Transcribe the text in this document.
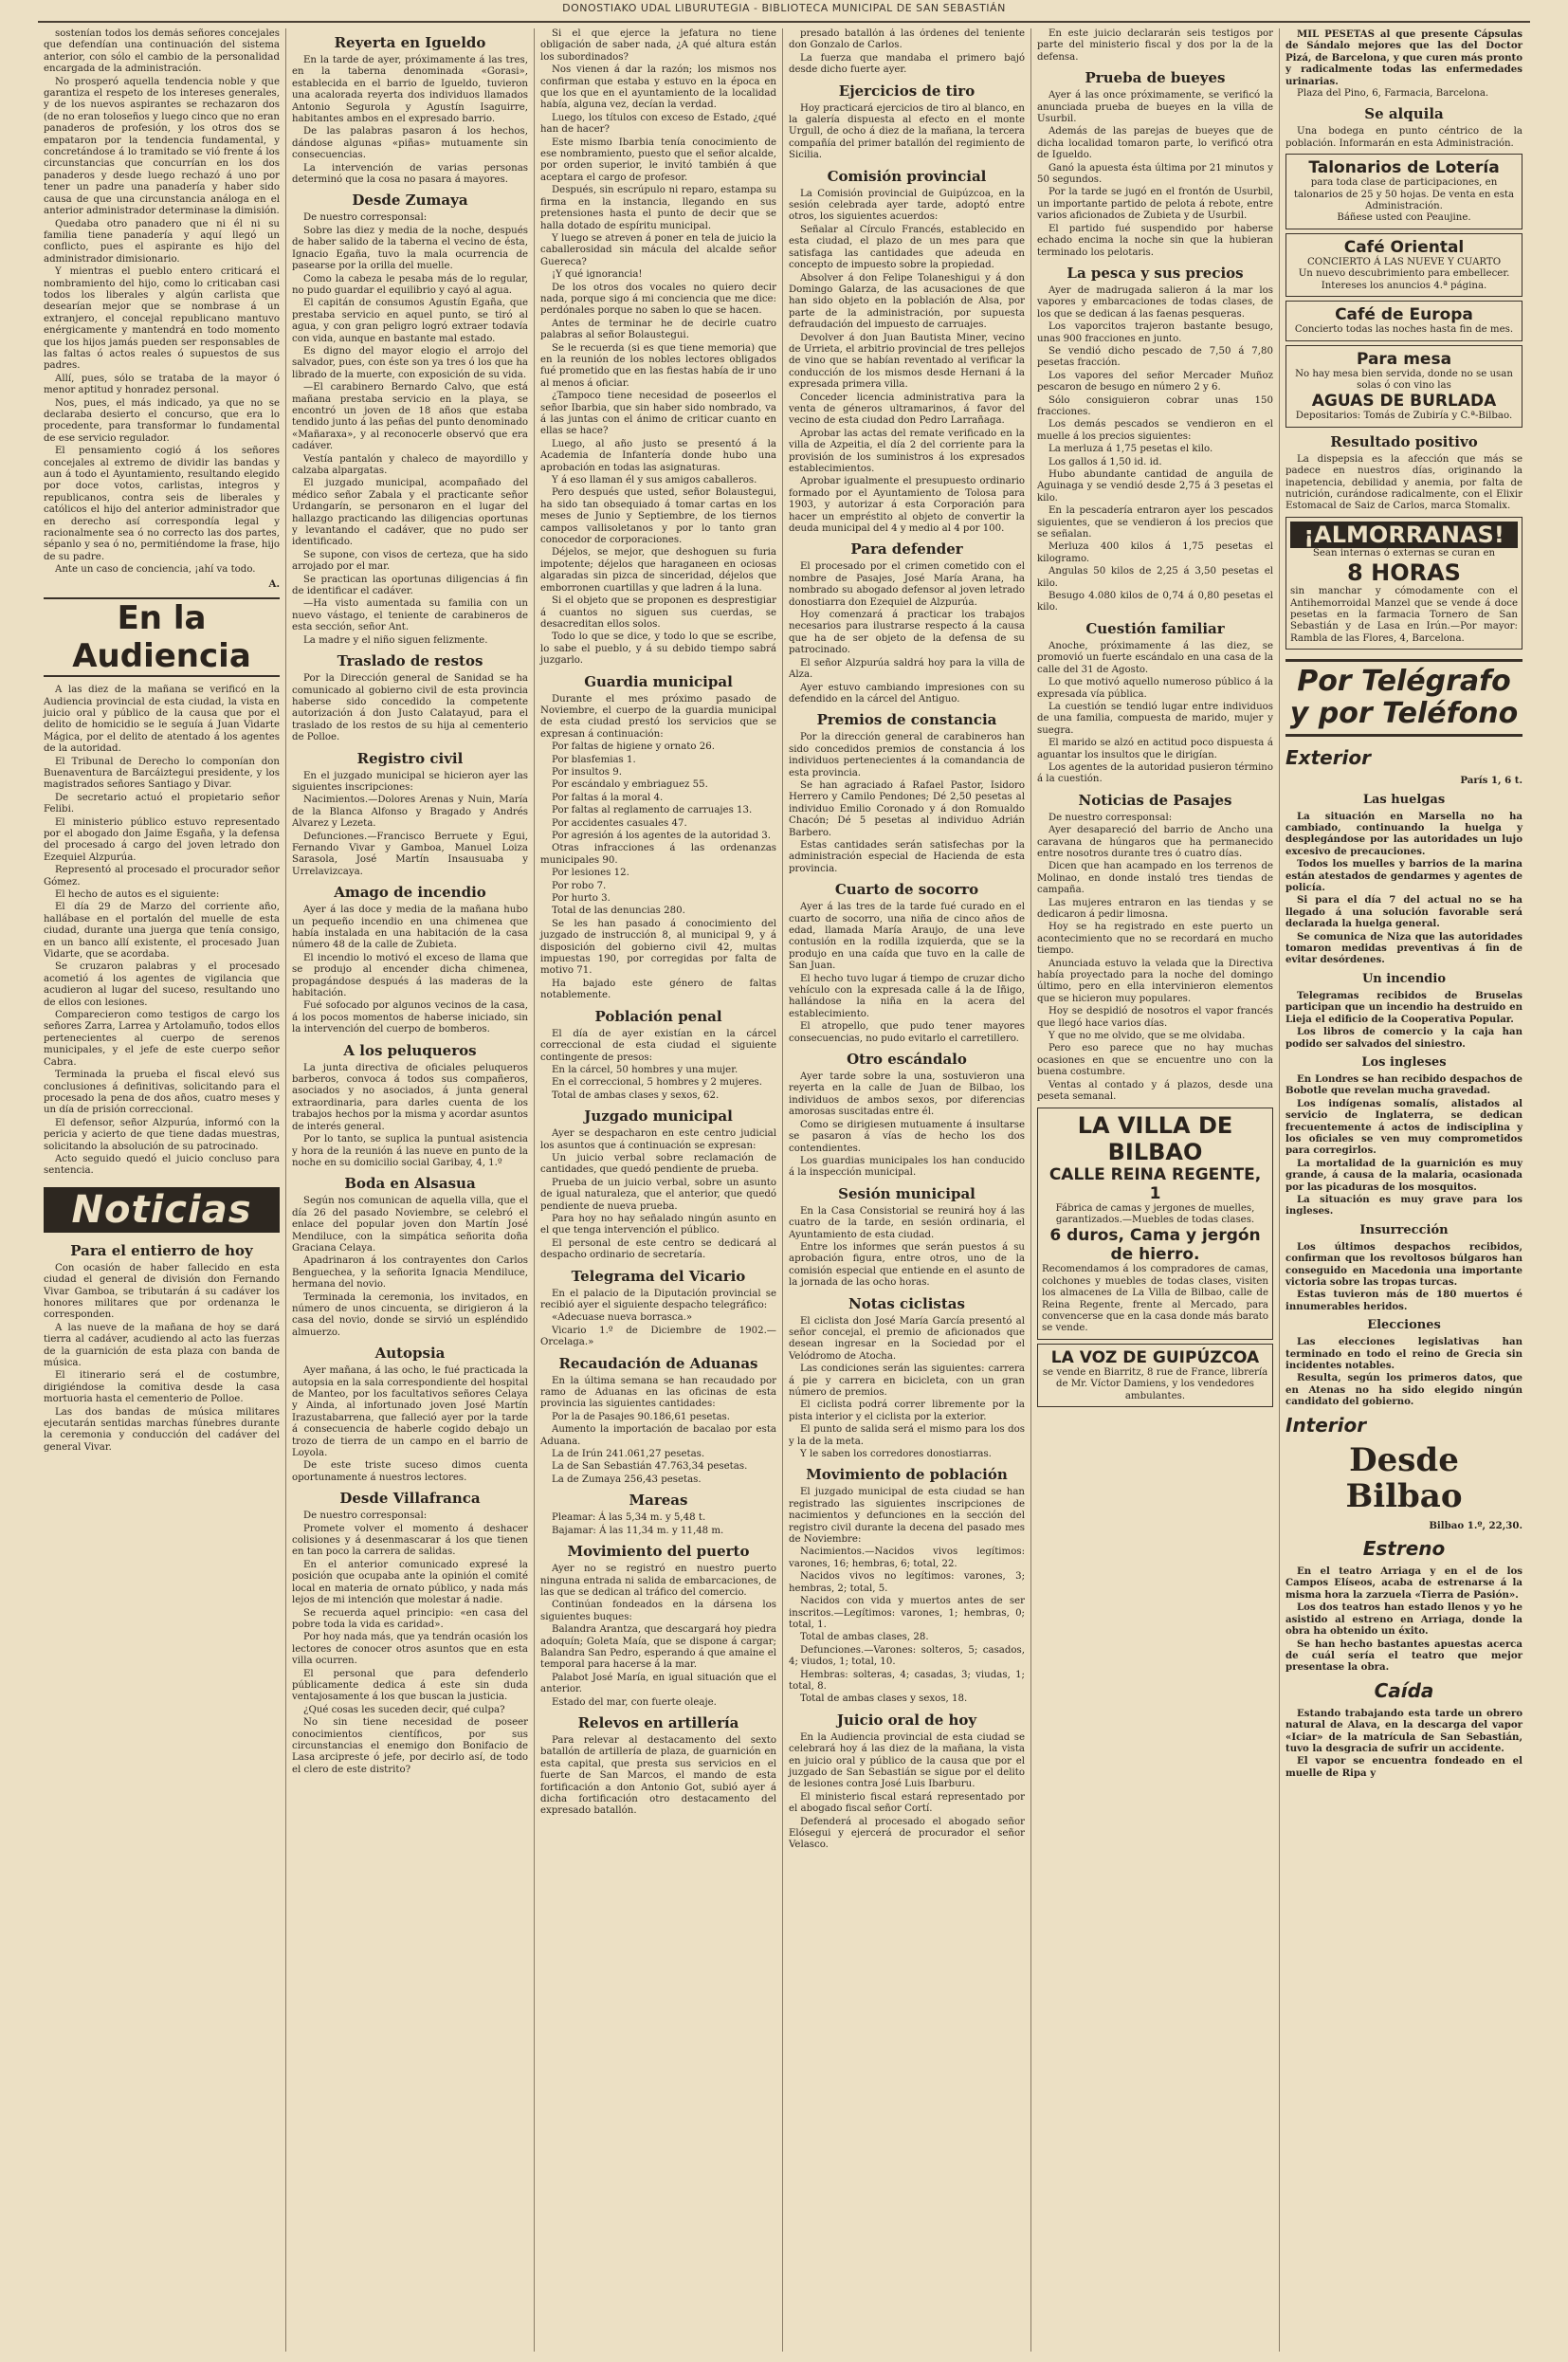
DONOSTIAKO UDAL LIBURUTEGIA - BIBLIOTECA MUNICIPAL DE SAN SEBASTIÁN

sostenían todos los demás señores concejales que defendían una continuación del sistema anterior, con sólo el cambio de la personalidad encargada de la administración.

No prosperó aquella tendencia noble y que garantiza el respeto de los intereses generales, y de los nuevos aspirantes se rechazaron dos (de no eran toloseños y luego cinco que no eran panaderos de profesión, y los otros dos se empataron por la tendencia fundamental, y concretándose á lo tramitado se vió frente á los circunstancias que concurrían en los dos panaderos y desde luego rechazó á uno por tener un padre una panadería y haber sido causa de que una circunstancia análoga en el anterior administrador determinase la dimisión.

Quedaba otro panadero que ni él ni su familia tiene panadería y aquí llegó un conflicto, pues el aspirante es hijo del administrador dimisionario.

Y mientras el pueblo entero criticará el nombramiento del hijo, como lo criticaban casi todos los liberales y algún carlista que desearían mejor que se nombrase á un extranjero, el concejal republicano mantuvo enérgicamente y mantendrá en todo momento que los hijos jamás pueden ser responsables de las faltas ó actos reales ó supuestos de sus padres.

Allí, pues, sólo se trataba de la mayor ó menor aptitud y honradez personal.

Nos, pues, el más indicado, ya que no se declaraba desierto el concurso, que era lo procedente, para transformar lo fundamental de ese servicio regulador.

El pensamiento cogió á los señores concejales al extremo de dividir las bandas y aun á todo el Ayuntamiento, resultando elegido por doce votos, carlistas, integros y republicanos, contra seis de liberales y católicos el hijo del anterior administrador que en derecho así correspondía legal y racionalmente sea ó no correcto las dos partes, sépanlo y sea ó no, permitiéndome la frase, hijo de su padre.

Ante un caso de conciencia, ¡ahí va todo.

A.
En la Audiencia

A las diez de la mañana se verificó en la Audiencia provincial de esta ciudad, la vista en juicio oral y público de la causa que por el delito de homicidio se le seguía á Juan Vidarte Mágica, por el delito de atentado á los agentes de la autoridad.

El Tribunal de Derecho lo componían don Buenaventura de Barcáiztegui presidente, y los magistrados señores Santiago y Divar.

De secretario actuó el propietario señor Felibi.

El ministerio público estuvo representado por el abogado don Jaime Esgaña, y la defensa del procesado á cargo del joven letrado don Ezequiel Alzpurúa.

Representó al procesado el procurador señor Gómez.

El hecho de autos es el siguiente:

El día 29 de Marzo del corriente año, hallábase en el portalón del muelle de esta ciudad, durante una juerga que tenía consigo, en un banco allí existente, el procesado Juan Vidarte, que se acordaba.

Se cruzaron palabras y el procesado acometió á los agentes de vigilancia que acudieron al lugar del suceso, resultando uno de ellos con lesiones.

Comparecieron como testigos de cargo los señores Zarra, Larrea y Artolamuño, todos ellos pertenecientes al cuerpo de serenos municipales, y el jefe de este cuerpo señor Cabra.

Terminada la prueba el fiscal elevó sus conclusiones á definitivas, solicitando para el procesado la pena de dos años, cuatro meses y un día de prisión correccional.

El defensor, señor Alzpurúa, informó con la pericia y acierto de que tiene dadas muestras, solicitando la absolución de su patrocinado.

Acto seguido quedó el juicio concluso para sentencia.

Noticias
Para el entierro de hoy

Con ocasión de haber fallecido en esta ciudad el general de división don Fernando Vivar Gamboa, se tributarán á su cadáver los honores militares que por ordenanza le corresponden.

A las nueve de la mañana de hoy se dará tierra al cadáver, acudiendo al acto las fuerzas de la guarnición de esta plaza con banda de música.

El itinerario será el de costumbre, dirigiéndose la comitiva desde la casa mortuoria hasta el cementerio de Polloe.

Las dos bandas de música militares ejecutarán sentidas marchas fúnebres durante la ceremonia y conducción del cadáver del general Vivar.

Reyerta en Igueldo

En la tarde de ayer, próximamente á las tres, en la taberna denominada «Gorasi», establecida en el barrio de Igueldo, tuvieron una acalorada reyerta dos individuos llamados Antonio Segurola y Agustín Isaguirre, habitantes ambos en el expresado barrio.

De las palabras pasaron á los hechos, dándose algunas «piñas» mutuamente sin consecuencias.

La intervención de varias personas determinó que la cosa no pasara á mayores.

Desde Zumaya

De nuestro corresponsal:

Sobre las diez y media de la noche, después de haber salido de la taberna el vecino de ésta, Ignacio Egaña, tuvo la mala ocurrencia de pasearse por la orilla del muelle.

Como la cabeza le pesaba más de lo regular, no pudo guardar el equilibrio y cayó al agua.

El capitán de consumos Agustín Egaña, que prestaba servicio en aquel punto, se tiró al agua, y con gran peligro logró extraer todavía con vida, aunque en bastante mal estado.

Es digno del mayor elogio el arrojo del salvador, pues, con éste son ya tres ó los que ha librado de la muerte, con exposición de su vida.

—El carabinero Bernardo Calvo, que está mañana prestaba servicio en la playa, se encontró un joven de 18 años que estaba tendido junto á las peñas del punto denominado «Mañaraxa», y al reconocerle observó que era cadáver.

Vestía pantalón y chaleco de mayordillo y calzaba alpargatas.

El juzgado municipal, acompañado del médico señor Zabala y el practicante señor Urdangarín, se personaron en el lugar del hallazgo practicando las diligencias oportunas y levantando el cadáver, que no pudo ser identificado.

Se supone, con visos de certeza, que ha sido arrojado por el mar.

Se practican las oportunas diligencias á fin de identificar el cadáver.

—Ha visto aumentada su familia con un nuevo vástago, el teniente de carabineros de esta sección, señor Ant.

La madre y el niño siguen felizmente.

Traslado de restos

Por la Dirección general de Sanidad se ha comunicado al gobierno civil de esta provincia haberse sido concedido la competente autorización á don Justo Calatayud, para el traslado de los restos de su hija al cementerio de Polloe.

Registro civil

En el juzgado municipal se hicieron ayer las siguientes inscripciones:

Nacimientos.—Dolores Arenas y Nuin, María de la Blanca Alfonso y Bragado y Andrés Alvarez y Lezeta.

Defunciones.—Francisco Berruete y Egui, Fernando Vivar y Gamboa, Manuel Loiza Sarasola, José Martín Insausuaba y Urrelavizcaya.

Amago de incendio

Ayer á las doce y media de la mañana hubo un pequeño incendio en una chimenea que había instalada en una habitación de la casa número 48 de la calle de Zubieta.

El incendio lo motivó el exceso de llama que se produjo al encender dicha chimenea, propagándose después á las maderas de la habitación.

Fué sofocado por algunos vecinos de la casa, á los pocos momentos de haberse iniciado, sin la intervención del cuerpo de bomberos.

A los peluqueros

La junta directiva de oficiales peluqueros barberos, convoca á todos sus compañeros, asociados y no asociados, á junta general extraordinaria, para darles cuenta de los trabajos hechos por la misma y acordar asuntos de interés general.

Por lo tanto, se suplica la puntual asistencia y hora de la reunión á las nueve en punto de la noche en su domicilio social Garibay, 4, 1.º

Boda en Alsasua

Según nos comunican de aquella villa, que el día 26 del pasado Noviembre, se celebró el enlace del popular joven don Martín José Mendiluce, con la simpática señorita doña Graciana Celaya.

Apadrinaron á los contrayentes don Carlos Benguechea, y la señorita Ignacia Mendiluce, hermana del novio.

Terminada la ceremonia, los invitados, en número de unos cincuenta, se dirigieron á la casa del novio, donde se sirvió un espléndido almuerzo.

Autopsia

Ayer mañana, á las ocho, le fué practicada la autopsia en la sala correspondiente del hospital de Manteo, por los facultativos señores Celaya y Ainda, al infortunado joven José Martín Irazustabarrena, que falleció ayer por la tarde á consecuencia de haberle cogido debajo un trozo de tierra de un campo en el barrio de Loyola.

De este triste suceso dimos cuenta oportunamente á nuestros lectores.

Desde Villafranca

De nuestro corresponsal:

Promete volver el momento á deshacer colisiones y á desenmascarar á los que tienen en tan poco la carrera de salidas.

En el anterior comunicado expresé la posición que ocupaba ante la opinión el comité local en materia de ornato público, y nada más lejos de mi intención que molestar á nadie.

Se recuerda aquel principio: «en casa del pobre toda la vida es caridad».

Por hoy nada más, que ya tendrán ocasión los lectores de conocer otros asuntos que en esta villa ocurren.

El personal que para defenderlo públicamente dedica á este sin duda ventajosamente á los que buscan la justicia.

¿Qué cosas les suceden decir, qué culpa?

No sin tiene necesidad de poseer conocimientos científicos, por sus circunstancias el enemigo don Bonifacio de Lasa arcipreste ó jefe, por decirlo así, de todo el clero de este distrito?

Si el que ejerce la jefatura no tiene obligación de saber nada, ¿A qué altura están los subordinados?

Nos vienen á dar la razón; los mismos nos confirman que estaba y estuvo en la época en que los que en el ayuntamiento de la localidad había, alguna vez, decían la verdad.

Luego, los títulos con exceso de Estado, ¿qué han de hacer?

Este mismo Ibarbia tenía conocimiento de ese nombramiento, puesto que el señor alcalde, por orden superior, le invitó también á que aceptara el cargo de profesor.

Después, sin escrúpulo ni reparo, estampa su firma en la instancia, llegando en sus pretensiones hasta el punto de decir que se halla dotado de espíritu municipal.

Y luego se atreven á poner en tela de juicio la caballerosidad sin mácula del alcalde señor Guereca?

¡Y qué ignorancia!

De los otros dos vocales no quiero decir nada, porque sigo á mi conciencia que me dice: perdónales porque no saben lo que se hacen.

Antes de terminar he de decirle cuatro palabras al señor Bolaustegui.

Se le recuerda (si es que tiene memoria) que en la reunión de los nobles lectores obligados fué prometido que en las fiestas había de ir uno al menos á oficiar.

¿Tampoco tiene necesidad de poseerlos el señor Ibarbia, que sin haber sido nombrado, va á las juntas con el ánimo de criticar cuanto en ellas se hace?

Luego, al año justo se presentó á la Academia de Infantería donde hubo una aprobación en todas las asignaturas.

Y á eso llaman él y sus amigos caballeros.

Pero después que usted, señor Bolaustegui, ha sido tan obsequiado á tomar cartas en los meses de Junio y Septiembre, de los tiernos campos vallisoletanos y por lo tanto gran conocedor de corporaciones.

Déjelos, se mejor, que deshoguen su furia impotente; déjelos que haraganeen en ociosas algaradas sin pizca de sinceridad, déjelos que emborronen cuartillas y que ladren á la luna.

Si el objeto que se proponen es desprestigiar á cuantos no siguen sus cuerdas, se desacreditan ellos solos.

Todo lo que se dice, y todo lo que se escribe, lo sabe el pueblo, y á su debido tiempo sabrá juzgarlo.

Guardia municipal

Durante el mes próximo pasado de Noviembre, el cuerpo de la guardia municipal de esta ciudad prestó los servicios que se expresan á continuación:

Por faltas de higiene y ornato 26.

Por blasfemias 1.

Por insultos 9.

Por escándalo y embriaguez 55.

Por faltas á la moral 4.

Por faltas al reglamento de carruajes 13.

Por accidentes casuales 47.

Por agresión á los agentes de la autoridad 3.

Otras infracciones á las ordenanzas municipales 90.

Por lesiones 12.

Por robo 7.

Por hurto 3.

Total de las denuncias 280.

Se les han pasado á conocimiento del juzgado de instrucción 8, al municipal 9, y á disposición del gobierno civil 42, multas impuestas 190, por corregidas por falta de motivo 71.

Ha bajado este género de faltas notablemente.

Población penal

El día de ayer existían en la cárcel correccional de esta ciudad el siguiente contingente de presos:

En la cárcel, 50 hombres y una mujer.

En el correccional, 5 hombres y 2 mujeres.

Total de ambas clases y sexos, 62.

Juzgado municipal

Ayer se despacharon en este centro judicial los asuntos que á continuación se expresan:

Un juicio verbal sobre reclamación de cantidades, que quedó pendiente de prueba.

Prueba de un juicio verbal, sobre un asunto de igual naturaleza, que el anterior, que quedó pendiente de nueva prueba.

Para hoy no hay señalado ningún asunto en el que tenga intervención el público.

El personal de este centro se dedicará al despacho ordinario de secretaría.

Telegrama del Vicario

En el palacio de la Diputación provincial se recibió ayer el siguiente despacho telegráfico:

«Adecuase nueva borrasca.»

Vicario 1.º de Diciembre de 1902.—Orcelaga.»

Recaudación de Aduanas

En la última semana se han recaudado por ramo de Aduanas en las oficinas de esta provincia las siguientes cantidades:

Por la de Pasajes 90.186,61 pesetas.

Aumento la importación de bacalao por esta Aduana.

La de Irún 241.061,27 pesetas.

La de San Sebastián 47.763,34 pesetas.

La de Zumaya 256,43 pesetas.

Mareas

Pleamar: Á las 5,34 m. y 5,48 t.

Bajamar: Á las 11,34 m. y 11,48 m.

Movimiento del puerto

Ayer no se registró en nuestro puerto ninguna entrada ni salida de embarcaciones, de las que se dedican al tráfico del comercio.

Continúan fondeados en la dársena los siguientes buques:

Balandra Arantza, que descargará hoy piedra adoquín; Goleta Maía, que se dispone á cargar; Balandra San Pedro, esperando á que amaine el temporal para hacerse á la mar.

Palabot José María, en igual situación que el anterior.

Estado del mar, con fuerte oleaje.

Relevos en artillería

Para relevar al destacamento del sexto batallón de artillería de plaza, de guarnición en esta capital, que presta sus servicios en el fuerte de San Marcos, el mando de esta fortificación a don Antonio Got, subió ayer á dicha fortificación otro destacamento del expresado batallón.

presado batallón á las órdenes del teniente don Gonzalo de Carlos.

La fuerza que mandaba el primero bajó desde dicho fuerte ayer.

Ejercicios de tiro

Hoy practicará ejercicios de tiro al blanco, en la galería dispuesta al efecto en el monte Urgull, de ocho á diez de la mañana, la tercera compañía del primer batallón del regimiento de Sicilia.

Comisión provincial

La Comisión provincial de Guipúzcoa, en la sesión celebrada ayer tarde, adoptó entre otros, los siguientes acuerdos:

Señalar al Círculo Francés, establecido en esta ciudad, el plazo de un mes para que satisfaga las cantidades que adeuda en concepto de impuesto sobre la propiedad.

Absolver á don Felipe Tolaneshigui y á don Domingo Galarza, de las acusaciones de que han sido objeto en la población de Alsa, por parte de la administración, por supuesta defraudación del impuesto de carruajes.

Devolver á don Juan Bautista Miner, vecino de Urrieta, el arbitrio provincial de tres pellejos de vino que se habían reventado al verificar la conducción de los mismos desde Hernani á la expresada primera villa.

Conceder licencia administrativa para la venta de géneros ultramarinos, á favor del vecino de esta ciudad don Pedro Larrañaga.

Aprobar las actas del remate verificado en la villa de Azpeitia, el día 2 del corriente para la provisión de los suministros á los expresados establecimientos.

Aprobar igualmente el presupuesto ordinario formado por el Ayuntamiento de Tolosa para 1903, y autorizar á esta Corporación para hacer un empréstito al objeto de convertir la deuda municipal del 4 y medio al 4 por 100.

Para defender

El procesado por el crimen cometido con el nombre de Pasajes, José María Arana, ha nombrado su abogado defensor al joven letrado donostiarra don Ezequiel de Alzpurúa.

Hoy comenzará á practicar los trabajos necesarios para ilustrarse respecto á la causa que ha de ser objeto de la defensa de su patrocinado.

El señor Alzpurúa saldrá hoy para la villa de Alza.

Ayer estuvo cambiando impresiones con su defendido en la cárcel del Antiguo.

Premios de constancia

Por la dirección general de carabineros han sido concedidos premios de constancia á los individuos pertenecientes á la comandancia de esta provincia.

Se han agraciado á Rafael Pastor, Isidoro Herrero y Camilo Pendones; Dé 2,50 pesetas al individuo Emilio Coronado y á don Romualdo Chacón; Dé 5 pesetas al individuo Adrián Barbero.

Estas cantidades serán satisfechas por la administración especial de Hacienda de esta provincia.

Cuarto de socorro

Ayer á las tres de la tarde fué curado en el cuarto de socorro, una niña de cinco años de edad, llamada María Araujo, de una leve contusión en la rodilla izquierda, que se la produjo en una caída que tuvo en la calle de San Juan.

El hecho tuvo lugar á tiempo de cruzar dicho vehículo con la expresada calle á la de Iñigo, hallándose la niña en la acera del establecimiento.

El atropello, que pudo tener mayores consecuencias, no pudo evitarlo el carretillero.

Otro escándalo

Ayer tarde sobre la una, sostuvieron una reyerta en la calle de Juan de Bilbao, los individuos de ambos sexos, por diferencias amorosas suscitadas entre él.

Como se dirigiesen mutuamente á insultarse se pasaron á vías de hecho los dos contendientes.

Los guardias municipales los han conducido á la inspección municipal.

Sesión municipal

En la Casa Consistorial se reunirá hoy á las cuatro de la tarde, en sesión ordinaria, el Ayuntamiento de esta ciudad.

Entre los informes que serán puestos á su aprobación figura, entre otros, uno de la comisión especial que entiende en el asunto de la jornada de las ocho horas.

Notas ciclistas

El ciclista don José María García presentó al señor concejal, el premio de aficionados que desean ingresar en la Sociedad por el Velódromo de Atocha.

Las condiciones serán las siguientes: carrera á pie y carrera en bicicleta, con un gran número de premios.

El ciclista podrá correr libremente por la pista interior y el ciclista por la exterior.

El punto de salida será el mismo para los dos y la de la meta.

Y le saben los corredores donostiarras.

Movimiento de población

El juzgado municipal de esta ciudad se han registrado las siguientes inscripciones de nacimientos y defunciones en la sección del registro civil durante la decena del pasado mes de Noviembre:

Nacimientos.—Nacidos vivos legítimos: varones, 16; hembras, 6; total, 22.

Nacidos vivos no legítimos: varones, 3; hembras, 2; total, 5.

Nacidos con vida y muertos antes de ser inscritos.—Legítimos: varones, 1; hembras, 0; total, 1.

Total de ambas clases, 28.

Defunciones.—Varones: solteros, 5; casados, 4; viudos, 1; total, 10.

Hembras: solteras, 4; casadas, 3; viudas, 1; total, 8.

Total de ambas clases y sexos, 18.

Juicio oral de hoy

En la Audiencia provincial de esta ciudad se celebrará hoy á las diez de la mañana, la vista en juicio oral y público de la causa que por el juzgado de San Sebastián se sigue por el delito de lesiones contra José Luis Ibarburu.

El ministerio fiscal estará representado por el abogado fiscal señor Cortí.

Defenderá al procesado el abogado señor Elósegui y ejercerá de procurador el señor Velasco.

En este juicio declararán seis testigos por parte del ministerio fiscal y dos por la de la defensa.

Prueba de bueyes

Ayer á las once próximamente, se verificó la anunciada prueba de bueyes en la villa de Usurbil.

Además de las parejas de bueyes que de dicha localidad tomaron parte, lo verificó otra de Igueldo.

Ganó la apuesta ésta última por 21 minutos y 50 segundos.

Por la tarde se jugó en el frontón de Usurbil, un importante partido de pelota á rebote, entre varios aficionados de Zubieta y de Usurbil.

El partido fué suspendido por haberse echado encima la noche sin que la hubieran terminado los pelotaris.

La pesca y sus precios

Ayer de madrugada salieron á la mar los vapores y embarcaciones de todas clases, de los que se dedican á las faenas pesqueras.

Los vaporcitos trajeron bastante besugo, unas 900 fracciones en junto.

Se vendió dicho pescado de 7,50 á 7,80 pesetas fracción.

Los vapores del señor Mercader Muñoz pescaron de besugo en número 2 y 6.

Sólo consiguieron cobrar unas 150 fracciones.

Los demás pescados se vendieron en el muelle á los precios siguientes:

La merluza á 1,75 pesetas el kilo.

Los gallos á 1,50 id. id.

Hubo abundante cantidad de anguila de Aguinaga y se vendió desde 2,75 á 3 pesetas el kilo.

En la pescadería entraron ayer los pescados siguientes, que se vendieron á los precios que se señalan.

Merluza 400 kilos á 1,75 pesetas el kilogramo.

Angulas 50 kilos de 2,25 á 3,50 pesetas el kilo.

Besugo 4.080 kilos de 0,74 á 0,80 pesetas el kilo.

Cuestión familiar

Anoche, próximamente á las diez, se promovió un fuerte escándalo en una casa de la calle del 31 de Agosto.

Lo que motivó aquello numeroso público á la expresada vía pública.

La cuestión se tendió lugar entre individuos de una familia, compuesta de marido, mujer y suegra.

El marido se alzó en actitud poco dispuesta á aguantar los insultos que le dirigían.

Los agentes de la autoridad pusieron término á la cuestión.

Noticias de Pasajes

De nuestro corresponsal:

Ayer desapareció del barrio de Ancho una caravana de húngaros que ha permanecido entre nosotros durante tres ó cuatro días.

Dicen que han acampado en los terrenos de Molinao, en donde instaló tres tiendas de campaña.

Las mujeres entraron en las tiendas y se dedicaron á pedir limosna.

Hoy se ha registrado en este puerto un acontecimiento que no se recordará en mucho tiempo.

Anunciada estuvo la velada que la Directiva había proyectado para la noche del domingo último, pero en ella intervinieron elementos que se hicieron muy populares.

Hoy se despidió de nosotros el vapor francés que llegó hace varios días.

Y que no me olvido, que se me olvidaba.

Pero eso parece que no hay muchas ocasiones en que se encuentre uno con la buena costumbre.

Ventas al contado y á plazos, desde una peseta semanal.

LA VILLA DE BILBAO
CALLE REINA REGENTE, 1
Fábrica de camas y jergones de muelles, garantizados.—Muebles de todas clases.
6 duros, Cama y jergón de hierro.
Recomendamos á los compradores de camas, colchones y muebles de todas clases, visiten los almacenes de La Villa de Bilbao, calle de Reina Regente, frente al Mercado, para convencerse que en la casa donde más barato se vende.
LA VOZ DE GUIPÚZCOA
se vende en Biarritz, 8 rue de France, librería de Mr. Víctor Damiens, y los vendedores ambulantes.

MIL PESETAS al que presente Cápsulas de Sándalo mejores que las del Doctor Pizá, de Barcelona, y que curen más pronto y radicalmente todas las enfermedades urinarias.

Plaza del Pino, 6, Farmacia, Barcelona.

Se alquila

Una bodega en punto céntrico de la población. Informarán en esta Administración.

Talonarios de Lotería
para toda clase de participaciones, en talonarios de 25 y 50 hojas. De venta en esta Administración.
Báñese usted con Peaujine.
Café Oriental
CONCIERTO Á LAS NUEVE Y CUARTO
Un nuevo descubrimiento para embellecer. Intereses los anuncios 4.ª página.
Café de Europa
Concierto todas las noches hasta fin de mes.
Para mesa
No hay mesa bien servida, donde no se usan solas ó con vino las
AGUAS DE BURLADA
Depositarios: Tomás de Zubiría y C.ª-Bilbao.
Resultado positivo

La dispepsia es la afección que más se padece en nuestros días, originando la inapetencia, debilidad y anemia, por falta de nutrición, curándose radicalmente, con el Elixir Estomacal de Saiz de Carlos, marca Stomalix.

¡ALMORRANAS!
Sean internas ó externas se curan en
8 HORAS
sin manchar y cómodamente con el Antihemorroidal Manzel que se vende á doce pesetas en la farmacia Tornero de San Sebastián y de Lasa en Irún.—Por mayor: Rambla de las Flores, 4, Barcelona.
Por Telégrafo y por Teléfono
Exterior
París 1, 6 t.
Las huelgas

La situación en Marsella no ha cambiado, continuando la huelga y desplegándose por las autoridades un lujo excesivo de precauciones.

Todos los muelles y barrios de la marina están atestados de gendarmes y agentes de policía.

Si para el día 7 del actual no se ha llegado á una solución favorable será declarada la huelga general.

Se comunica de Niza que las autoridades tomaron medidas preventivas á fin de evitar desórdenes.

Un incendio

Telegramas recibidos de Bruselas participan que un incendio ha destruido en Lieja el edificio de la Cooperativa Popular.

Los libros de comercio y la caja han podido ser salvados del siniestro.

Los ingleses

En Londres se han recibido despachos de Bobotle que revelan mucha gravedad.

Los indígenas somalís, alistados al servicio de Inglaterra, se dedican frecuentemente á actos de indisciplina y los oficiales se ven muy comprometidos para corregirlos.

La mortalidad de la guarnición es muy grande, á causa de la malaria, ocasionada por las picaduras de los mosquitos.

La situación es muy grave para los ingleses.

Insurrección

Los últimos despachos recibidos, confirman que los revoltosos búlgaros han conseguido en Macedonia una importante victoria sobre las tropas turcas.

Estas tuvieron más de 180 muertos é innumerables heridos.

Elecciones

Las elecciones legislativas han terminado en todo el reino de Grecia sin incidentes notables.

Resulta, según los primeros datos, que en Atenas no ha sido elegido ningún candidato del gobierno.

Interior
Desde Bilbao
Bilbao 1.º, 22,30.
Estreno

En el teatro Arriaga y en el de los Campos Elíseos, acaba de estrenarse á la misma hora la zarzuela «Tierra de Pasión».

Los dos teatros han estado llenos y yo he asistido al estreno en Arriaga, donde la obra ha obtenido un éxito.

Se han hecho bastantes apuestas acerca de cuál sería el teatro que mejor presentase la obra.

Caída

Estando trabajando esta tarde un obrero natural de Alava, en la descarga del vapor «Iciar» de la matrícula de San Sebastián, tuvo la desgracia de sufrir un accidente.

El vapor se encuentra fondeado en el muelle de Ripa y
